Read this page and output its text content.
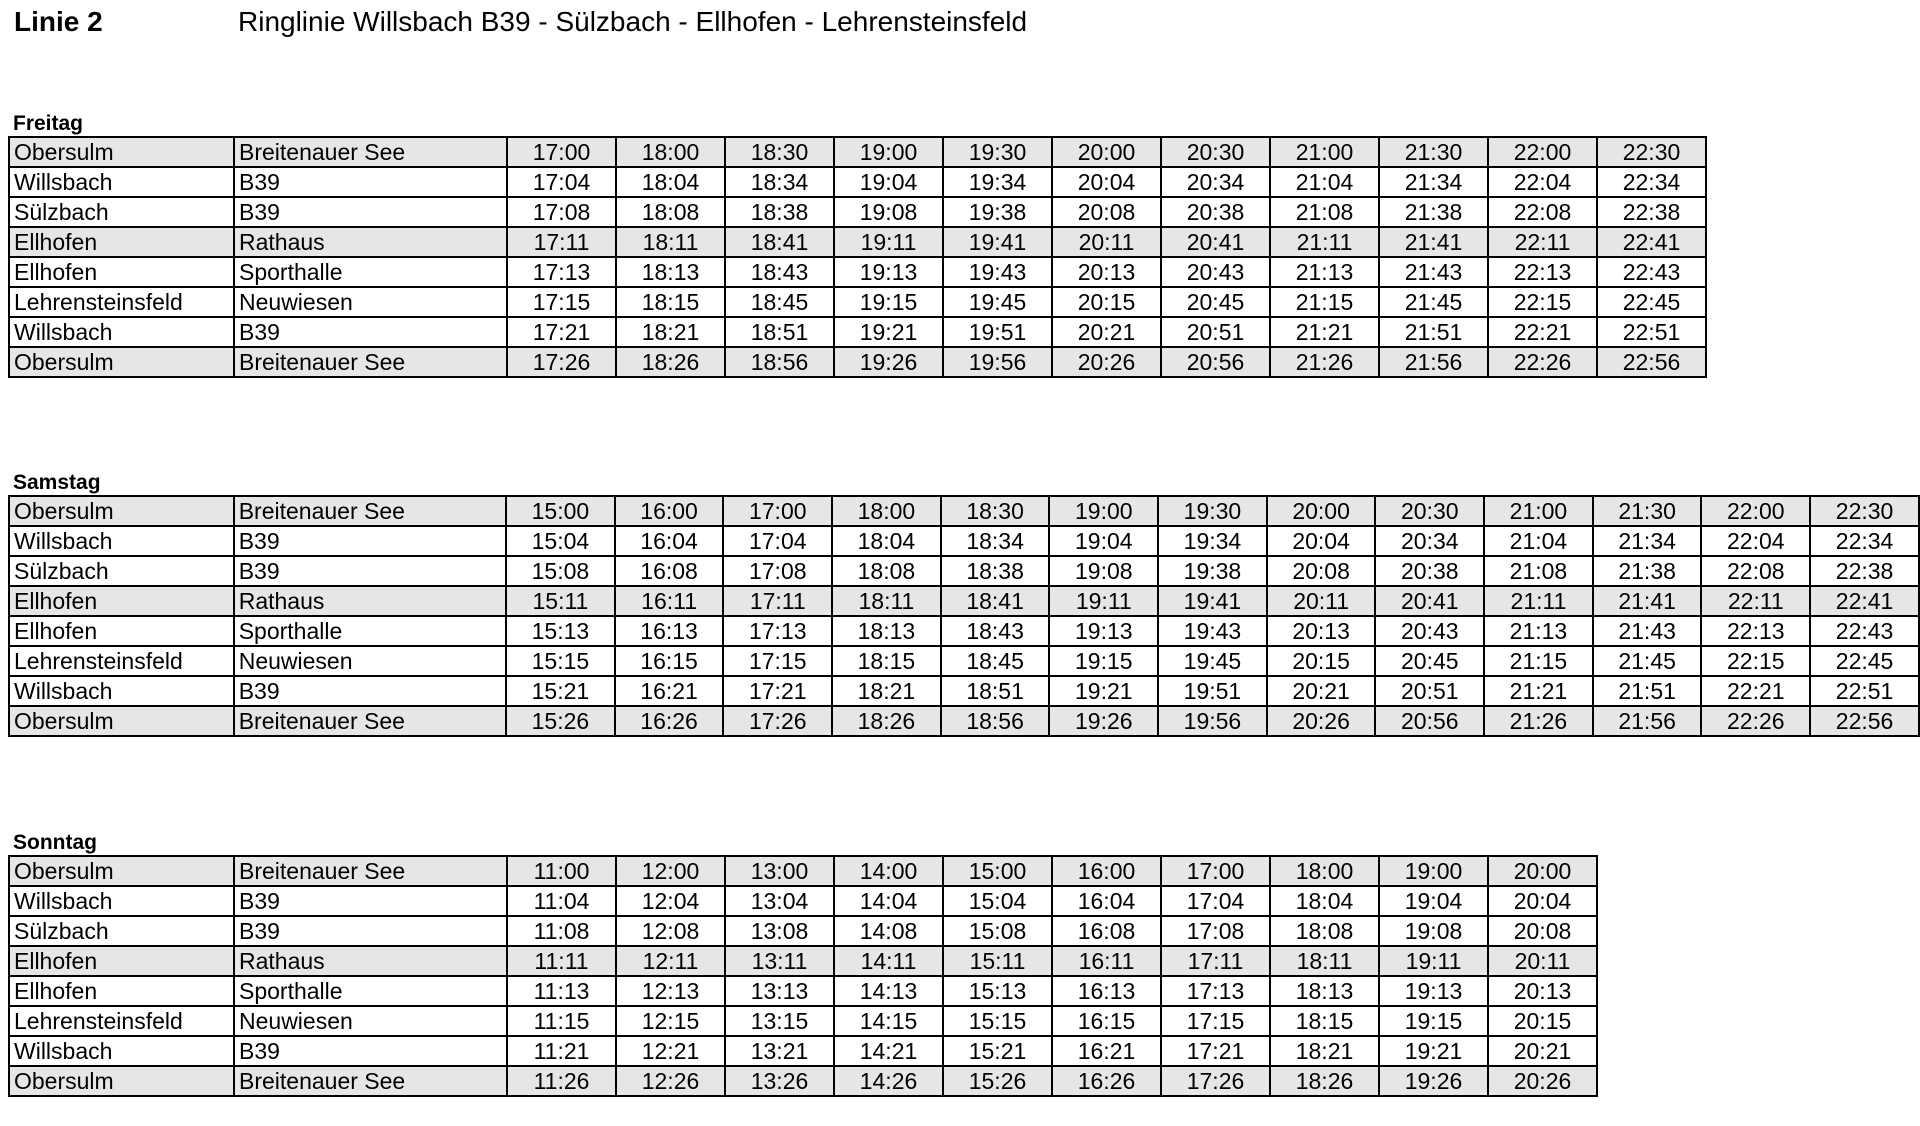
Linie 2	Ringlinie Willsbach B39 - Sülzbach - Ellhofen - Lehrensteinsfeld
Freitag
Obersulm	Breitenauer See	17:00	18:00	18:30	19:00	19:30	20:00	20:30	21:00	21:30	22:00	22:30
Willsbach	B39	17:04	18:04	18:34	19:04	19:34	20:04	20:34	21:04	21:34	22:04	22:34
Sülzbach	B39	17:08	18:08	18:38	19:08	19:38	20:08	20:38	21:08	21:38	22:08	22:38
Ellhofen	Rathaus	17:11	18:11	18:41	19:11	19:41	20:11	20:41	21:11	21:41	22:11	22:41
Ellhofen	Sporthalle	17:13	18:13	18:43	19:13	19:43	20:13	20:43	21:13	21:43	22:13	22:43
Lehrensteinsfeld	Neuwiesen	17:15	18:15	18:45	19:15	19:45	20:15	20:45	21:15	21:45	22:15	22:45
Willsbach	B39	17:21	18:21	18:51	19:21	19:51	20:21	20:51	21:21	21:51	22:21	22:51
Obersulm	Breitenauer See	17:26	18:26	18:56	19:26	19:56	20:26	20:56	21:26	21:56	22:26	22:56
Samstag
Obersulm	Breitenauer See	15:00	16:00	17:00	18:00	18:30	19:00	19:30	20:00	20:30	21:00	21:30	22:00	22:30
Willsbach	B39	15:04	16:04	17:04	18:04	18:34	19:04	19:34	20:04	20:34	21:04	21:34	22:04	22:34
Sülzbach	B39	15:08	16:08	17:08	18:08	18:38	19:08	19:38	20:08	20:38	21:08	21:38	22:08	22:38
Ellhofen	Rathaus	15:11	16:11	17:11	18:11	18:41	19:11	19:41	20:11	20:41	21:11	21:41	22:11	22:41
Ellhofen	Sporthalle	15:13	16:13	17:13	18:13	18:43	19:13	19:43	20:13	20:43	21:13	21:43	22:13	22:43
Lehrensteinsfeld	Neuwiesen	15:15	16:15	17:15	18:15	18:45	19:15	19:45	20:15	20:45	21:15	21:45	22:15	22:45
Willsbach	B39	15:21	16:21	17:21	18:21	18:51	19:21	19:51	20:21	20:51	21:21	21:51	22:21	22:51
Obersulm	Breitenauer See	15:26	16:26	17:26	18:26	18:56	19:26	19:56	20:26	20:56	21:26	21:56	22:26	22:56
Sonntag
Obersulm	Breitenauer See	11:00	12:00	13:00	14:00	15:00	16:00	17:00	18:00	19:00	20:00
Willsbach	B39	11:04	12:04	13:04	14:04	15:04	16:04	17:04	18:04	19:04	20:04
Sülzbach	B39	11:08	12:08	13:08	14:08	15:08	16:08	17:08	18:08	19:08	20:08
Ellhofen	Rathaus	11:11	12:11	13:11	14:11	15:11	16:11	17:11	18:11	19:11	20:11
Ellhofen	Sporthalle	11:13	12:13	13:13	14:13	15:13	16:13	17:13	18:13	19:13	20:13
Lehrensteinsfeld	Neuwiesen	11:15	12:15	13:15	14:15	15:15	16:15	17:15	18:15	19:15	20:15
Willsbach	B39	11:21	12:21	13:21	14:21	15:21	16:21	17:21	18:21	19:21	20:21
Obersulm	Breitenauer See	11:26	12:26	13:26	14:26	15:26	16:26	17:26	18:26	19:26	20:26
